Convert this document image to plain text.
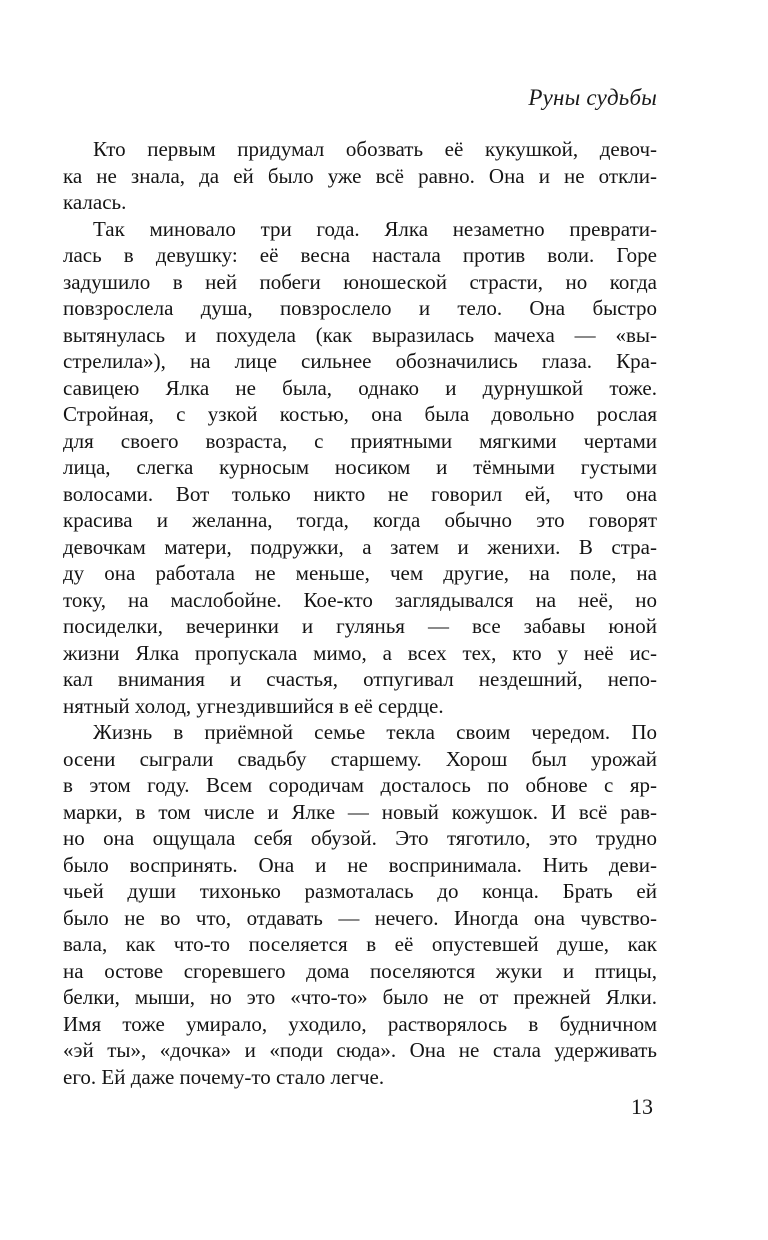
Руны судьбы
Кто первым придумал обозвать её кукушкой, девоч-
ка не знала, да ей было уже всё равно. Она и не откли-
калась.
Так миновало три года. Ялка незаметно преврати-
лась в девушку: её весна настала против воли. Горе
задушило в ней побеги юношеской страсти, но когда
повзрослела душа, повзрослело и тело. Она быстро
вытянулась и похудела (как выразилась мачеха — «вы-
стрелила»), на лице сильнее обозначились глаза. Кра-
савицею Ялка не была, однако и дурнушкой тоже.
Стройная, с узкой костью, она была довольно рослая
для своего возраста, с приятными мягкими чертами
лица, слегка курносым носиком и тёмными густыми
волосами. Вот только никто не говорил ей, что она
красива и желанна, тогда, когда обычно это говорят
девочкам матери, подружки, а затем и женихи. В стра-
ду она работала не меньше, чем другие, на поле, на
току, на маслобойне. Кое-кто заглядывался на неё, но
посиделки, вечеринки и гулянья — все забавы юной
жизни Ялка пропускала мимо, а всех тех, кто у неё ис-
кал внимания и счастья, отпугивал нездешний, непо-
нятный холод, угнездившийся в её сердце.
Жизнь в приёмной семье текла своим чередом. По
осени сыграли свадьбу старшему. Хорош был урожай
в этом году. Всем сородичам досталось по обнове с яр-
марки, в том числе и Ялке — новый кожушок. И всё рав-
но она ощущала себя обузой. Это тяготило, это трудно
было воспринять. Она и не воспринимала. Нить деви-
чьей души тихонько размоталась до конца. Брать ей
было не во что, отдавать — нечего. Иногда она чувство-
вала, как что-то поселяется в её опустевшей душе, как
на остове сгоревшего дома поселяются жуки и птицы,
белки, мыши, но это «что-то» было не от прежней Ялки.
Имя тоже умирало, уходило, растворялось в будничном
«эй ты», «дочка» и «поди сюда». Она не стала удерживать
его. Ей даже почему-то стало легче.
13
